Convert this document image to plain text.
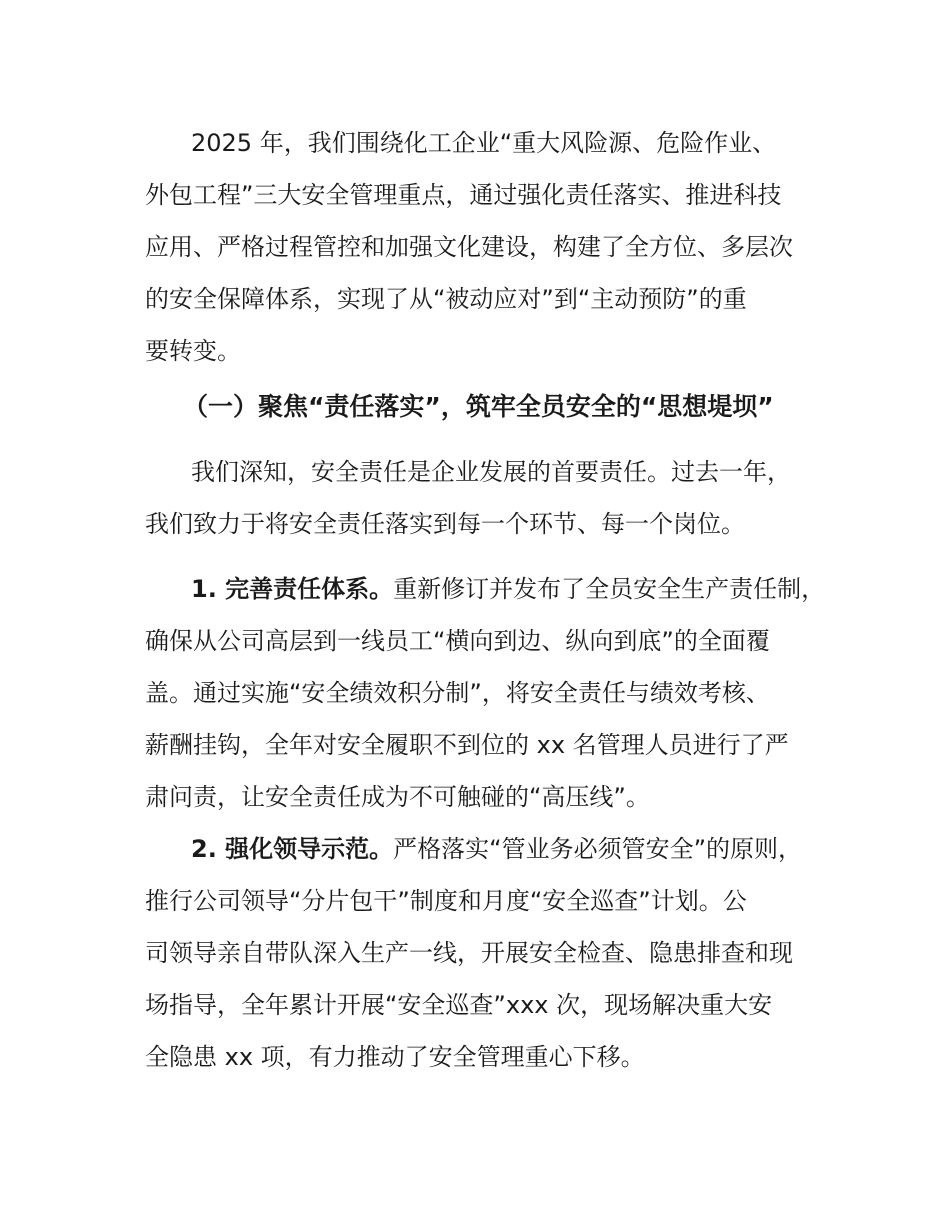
2025 年，我们围绕化工企业“重大风险源、危险作业、
外包工程”三大安全管理重点，通过强化责任落实、推进科技
应用、严格过程管控和加强文化建设，构建了全方位、多层次
的安全保障体系，实现了从“被动应对”到“主动预防”的重
要转变。
（一）聚焦“责任落实”，筑牢全员安全的“思想堤坝”
我们深知，安全责任是企业发展的首要责任。过去一年，
我们致力于将安全责任落实到每一个环节、每一个岗位。
1. 完善责任体系。重新修订并发布了全员安全生产责任制，
确保从公司高层到一线员工“横向到边、纵向到底”的全面覆
盖。通过实施“安全绩效积分制”，将安全责任与绩效考核、
薪酬挂钩，全年对安全履职不到位的 xx 名管理人员进行了严
肃问责，让安全责任成为不可触碰的“高压线”。
2. 强化领导示范。严格落实“管业务必须管安全”的原则，
推行公司领导“分片包干”制度和月度“安全巡查”计划。公
司领导亲自带队深入生产一线，开展安全检查、隐患排查和现
场指导，全年累计开展“安全巡查”xxx 次，现场解决重大安
全隐患 xx 项，有力推动了安全管理重心下移。
